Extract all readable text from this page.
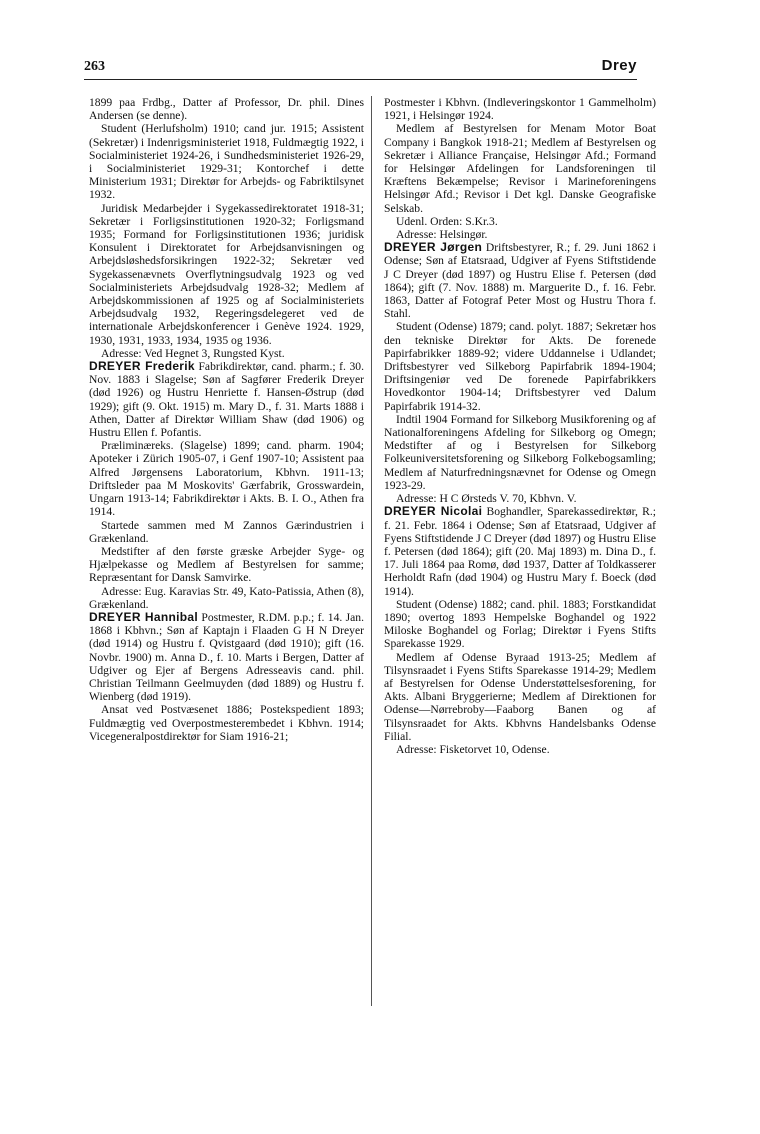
263	Drey

1899 paa Frdbg., Datter af Professor, Dr. phil. Dines Andersen (se denne).

Student (Herlufsholm) 1910; cand jur. 1915; Assistent (Sekretær) i Indenrigsministeriet 1918, Fuldmægtig 1922, i Socialministeriet 1924-26, i Sundhedsministeriet 1926-29, i Socialministeriet 1929-31; Kontorchef i dette Ministerium 1931; Direktør for Arbejds- og Fabriktilsynet 1932.

Juridisk Medarbejder i Sygekassedirektoratet 1918-31; Sekretær i Forligsinstitutionen 1920-32; Forligsmand 1935; Formand for Forligsinstitutionen 1936; juridisk Konsulent i Direktoratet for Arbejdsanvisningen og Arbejdsløshedsforsikringen 1922-32; Sekretær ved Sygekassenævnets Overflytningsudvalg 1923 og ved Socialministeriets Arbejdsudvalg 1928-32; Medlem af Arbejdskommissionen af 1925 og af Socialministeriets Arbejdsudvalg 1932, Regeringsdelegeret ved de internationale Arbejdskonferencer i Genève 1924. 1929, 1930, 1931, 1933, 1934, 1935 og 1936.

Adresse: Ved Hegnet 3, Rungsted Kyst.

DREYER Frederik Fabrikdirektør, cand. pharm.; f. 30. Nov. 1883 i Slagelse; Søn af Sagfører Frederik Dreyer (død 1926) og Hustru Henriette f. Hansen-Østrup (død 1929); gift (9. Okt. 1915) m. Mary D., f. 31. Marts 1888 i Athen, Datter af Direktør William Shaw (død 1906) og Hustru Ellen f. Pofantis.

Præliminæreks. (Slagelse) 1899; cand. pharm. 1904; Apoteker i Zürich 1905-07, i Genf 1907-10; Assistent paa Alfred Jørgensens Laboratorium, Kbhvn. 1911-13; Driftsleder paa M Moskovits' Gærfabrik, Grosswardein, Ungarn 1913-14; Fabrikdirektør i Akts. B. I. O., Athen fra 1914.

Startede sammen med M Zannos Gærindustrien i Grækenland.

Medstifter af den første græske Arbejder Syge- og Hjælpekasse og Medlem af Bestyrelsen for samme; Repræsentant for Dansk Samvirke.

Adresse: Eug. Karavias Str. 49, Kato-Patissia, Athen (8), Grækenland.

DREYER Hannibal Postmester, R.DM. p.p.; f. 14. Jan. 1868 i Kbhvn.; Søn af Kaptajn i Flaaden G H N Dreyer (død 1914) og Hustru f. Qvistgaard (død 1910); gift (16. Novbr. 1900) m. Anna D., f. 10. Marts i Bergen, Datter af Udgiver og Ejer af Bergens Adresseavis cand. phil. Christian Teilmann Geelmuyden (død 1889) og Hustru f. Wienberg (død 1919).

Ansat ved Postvæsenet 1886; Postekspedient 1893; Fuldmægtig ved Overpostmesterembedet i Kbhvn. 1914; Vicegeneralpostdirektør for Siam 1916-21;

Postmester i Kbhvn. (Indleveringskontor 1 Gammelholm) 1921, i Helsingør 1924.

Medlem af Bestyrelsen for Menam Motor Boat Company i Bangkok 1918-21; Medlem af Bestyrelsen og Sekretær i Alliance Française, Helsingør Afd.; Formand for Helsingør Afdelingen for Landsforeningen til Kræftens Bekæmpelse; Revisor i Marineforeningens Helsingør Afd.; Revisor i Det kgl. Danske Geografiske Selskab.

Udenl. Orden: S.Kr.3.

Adresse: Helsingør.

DREYER Jørgen Driftsbestyrer, R.; f. 29. Juni 1862 i Odense; Søn af Etatsraad, Udgiver af Fyens Stiftstidende J C Dreyer (død 1897) og Hustru Elise f. Petersen (død 1864); gift (7. Nov. 1888) m. Marguerite D., f. 16. Febr. 1863, Datter af Fotograf Peter Most og Hustru Thora f. Stahl.

Student (Odense) 1879; cand. polyt. 1887; Sekretær hos den tekniske Direktør for Akts. De forenede Papirfabrikker 1889-92; videre Uddannelse i Udlandet; Driftsbestyrer ved Silkeborg Papirfabrik 1894-1904; Driftsingeniør ved De forenede Papirfabrikkers Hovedkontor 1904-14; Driftsbestyrer ved Dalum Papirfabrik 1914-32.

Indtil 1904 Formand for Silkeborg Musikforening og af Nationalforeningens Afdeling for Silkeborg og Omegn; Medstifter af og i Bestyrelsen for Silkeborg Folkeuniversitetsforening og Silkeborg Folkebogsamling; Medlem af Naturfredningsnævnet for Odense og Omegn 1923-29.

Adresse: H C Ørsteds V. 70, Kbhvn. V.

DREYER Nicolai Boghandler, Sparekassedirektør, R.; f. 21. Febr. 1864 i Odense; Søn af Etatsraad, Udgiver af Fyens Stiftstidende J C Dreyer (død 1897) og Hustru Elise f. Petersen (død 1864); gift (20. Maj 1893) m. Dina D., f. 17. Juli 1864 paa Romø, død 1937, Datter af Toldkasserer Herholdt Rafn (død 1904) og Hustru Mary f. Boeck (død 1914).

Student (Odense) 1882; cand. phil. 1883; Forstkandidat 1890; overtog 1893 Hempelske Boghandel og 1922 Miloske Boghandel og Forlag; Direktør i Fyens Stifts Sparekasse 1929.

Medlem af Odense Byraad 1913-25; Medlem af Tilsynsraadet i Fyens Stifts Sparekasse 1914-29; Medlem af Bestyrelsen for Odense Understøttelsesforening, for Akts. Albani Bryggerierne; Medlem af Direktionen for Odense—Nørrebroby—Faaborg Banen og af Tilsynsraadet for Akts. Kbhvns Handelsbanks Odense Filial.

Adresse: Fisketorvet 10, Odense.
